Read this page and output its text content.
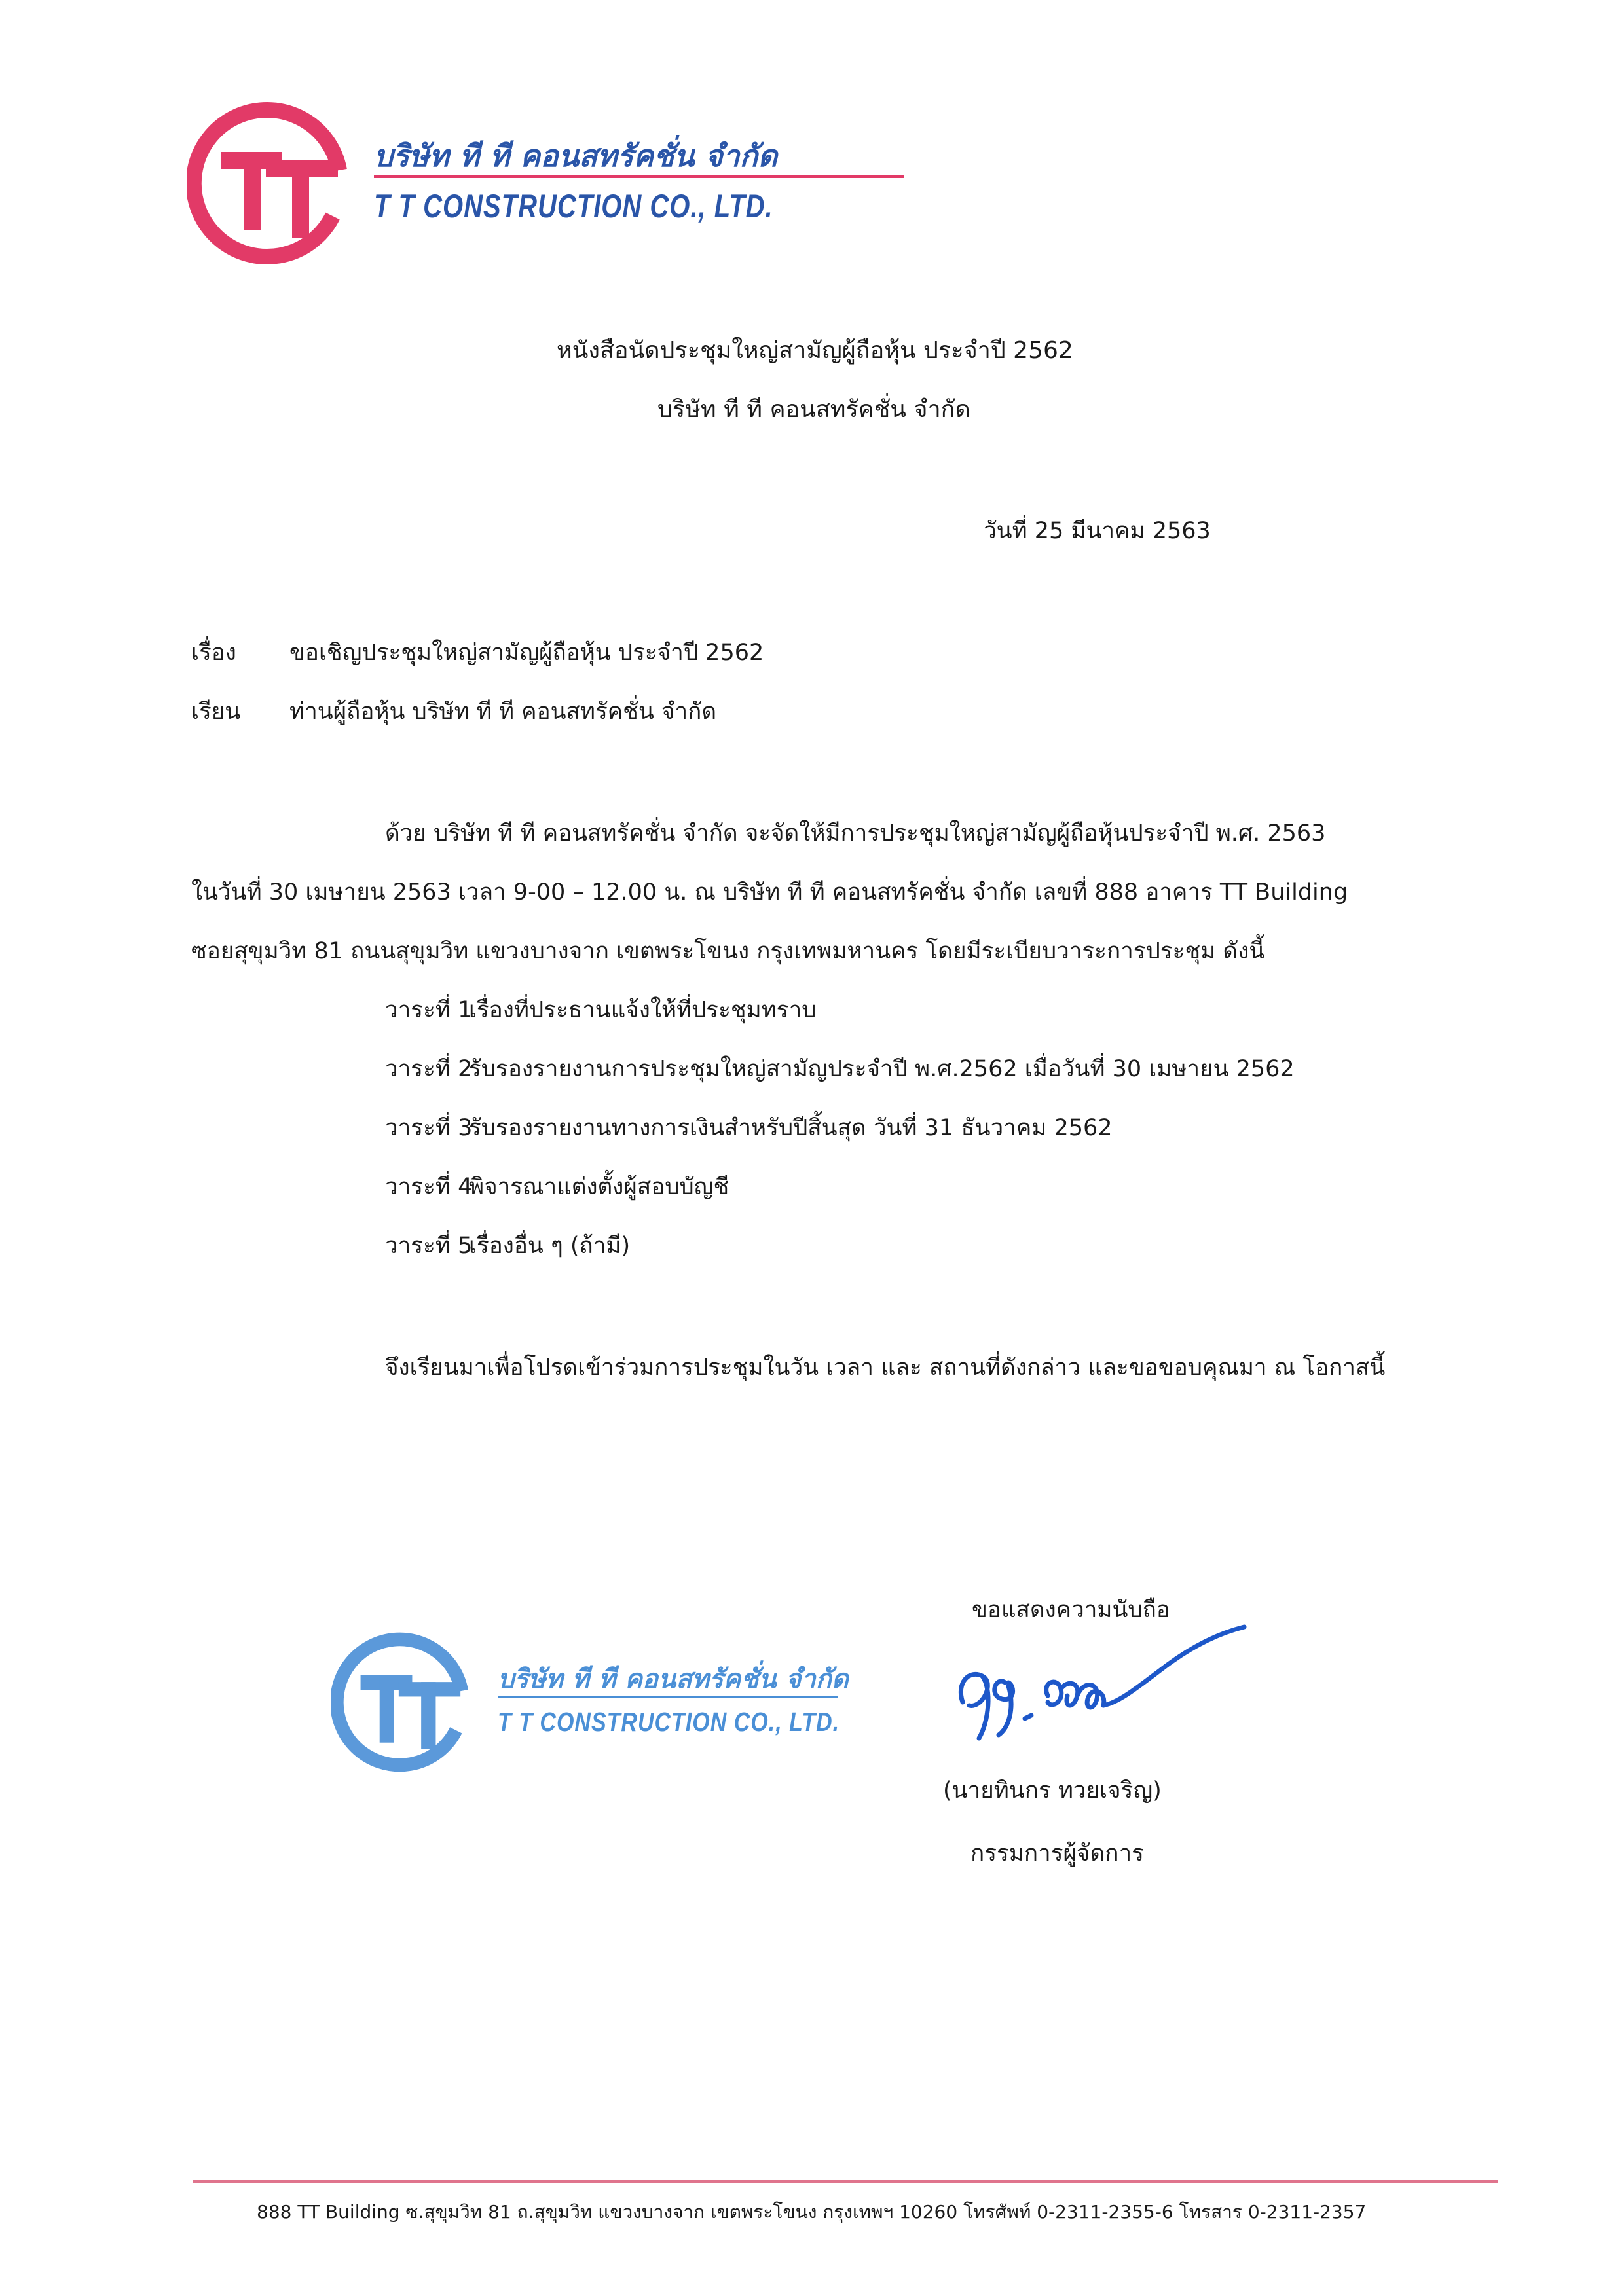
บริษัท ที ที คอนสทรัคชั่น จำกัด
T T CONSTRUCTION CO., LTD.
หนังสือนัดประชุมใหญ่สามัญผู้ถือหุ้น ประจำปี 2562
บริษัท ที ที คอนสทรัคชั่น จำกัด
วันที่ 25 มีนาคม 2563
เรื่อง ขอเชิญประชุมใหญ่สามัญผู้ถือหุ้น ประจำปี 2562
เรียน ท่านผู้ถือหุ้น บริษัท ที ที คอนสทรัคชั่น จำกัด
ด้วย บริษัท ที ที คอนสทรัคชั่น จำกัด จะจัดให้มีการประชุมใหญ่สามัญผู้ถือหุ้นประจำปี พ.ศ. 2563
ในวันที่ 30 เมษายน 2563 เวลา 9-00 – 12.00 น. ณ บริษัท ที ที คอนสทรัคชั่น จำกัด เลขที่ 888 อาคาร TT Building
ซอยสุขุมวิท 81 ถนนสุขุมวิท แขวงบางจาก เขตพระโขนง กรุงเทพมหานคร โดยมีระเบียบวาระการประชุม ดังนี้
วาระที่ 1เรื่องที่ประธานแจ้งให้ที่ประชุมทราบ
วาระที่ 2รับรองรายงานการประชุมใหญ่สามัญประจำปี พ.ศ.2562 เมื่อวันที่ 30 เมษายน 2562
วาระที่ 3รับรองรายงานทางการเงินสำหรับปีสิ้นสุด วันที่ 31 ธันวาคม 2562
วาระที่ 4พิจารณาแต่งตั้งผู้สอบบัญชี
วาระที่ 5เรื่องอื่น ๆ (ถ้ามี)
จึงเรียนมาเพื่อโปรดเข้าร่วมการประชุมในวัน เวลา และ สถานที่ดังกล่าว และขอขอบคุณมา ณ โอกาสนี้
ขอแสดงความนับถือ
(นายทินกร ทวยเจริญ)
กรรมการผู้จัดการ
บริษัท ที ที คอนสทรัคชั่น จำกัด
T T CONSTRUCTION CO., LTD.
888 TT Building ซ.สุขุมวิท 81 ถ.สุขุมวิท แขวงบางจาก เขตพระโขนง กรุงเทพฯ 10260 โทรศัพท์ 0-2311-2355-6 โทรสาร 0-2311-2357
